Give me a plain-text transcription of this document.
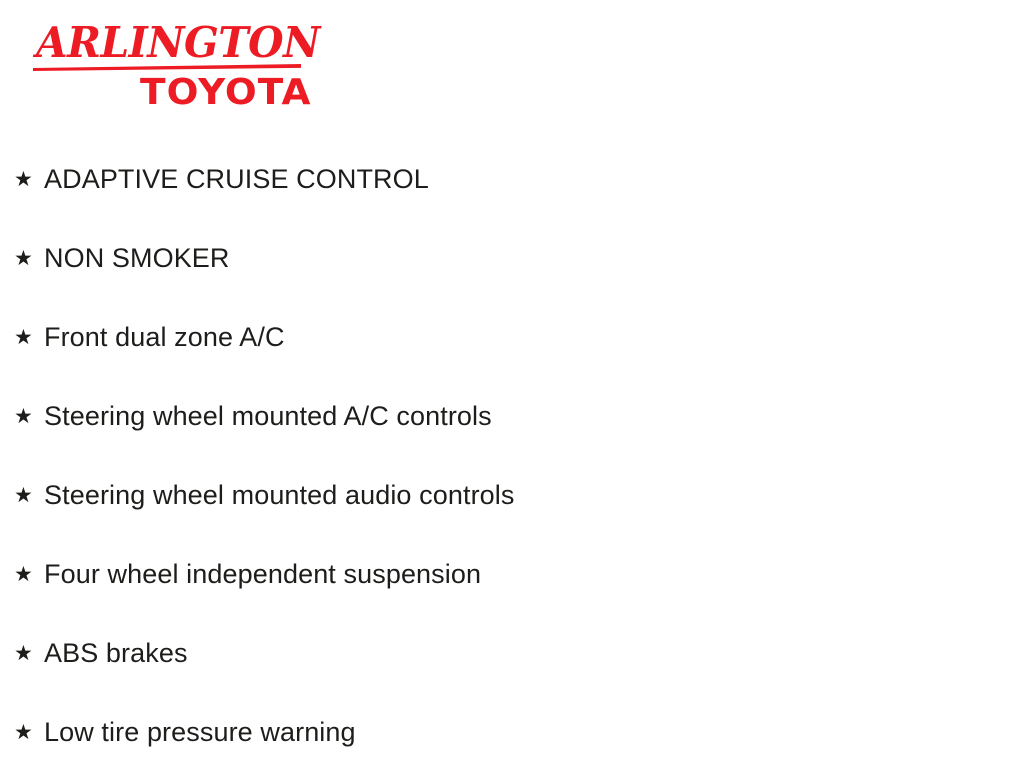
ARLINGTON
TOYOTA
★ ADAPTIVE CRUISE CONTROL
★ NON SMOKER
★ Front dual zone A/C
★ Steering wheel mounted A/C controls
★ Steering wheel mounted audio controls
★ Four wheel independent suspension
★ ABS brakes
★ Low tire pressure warning
